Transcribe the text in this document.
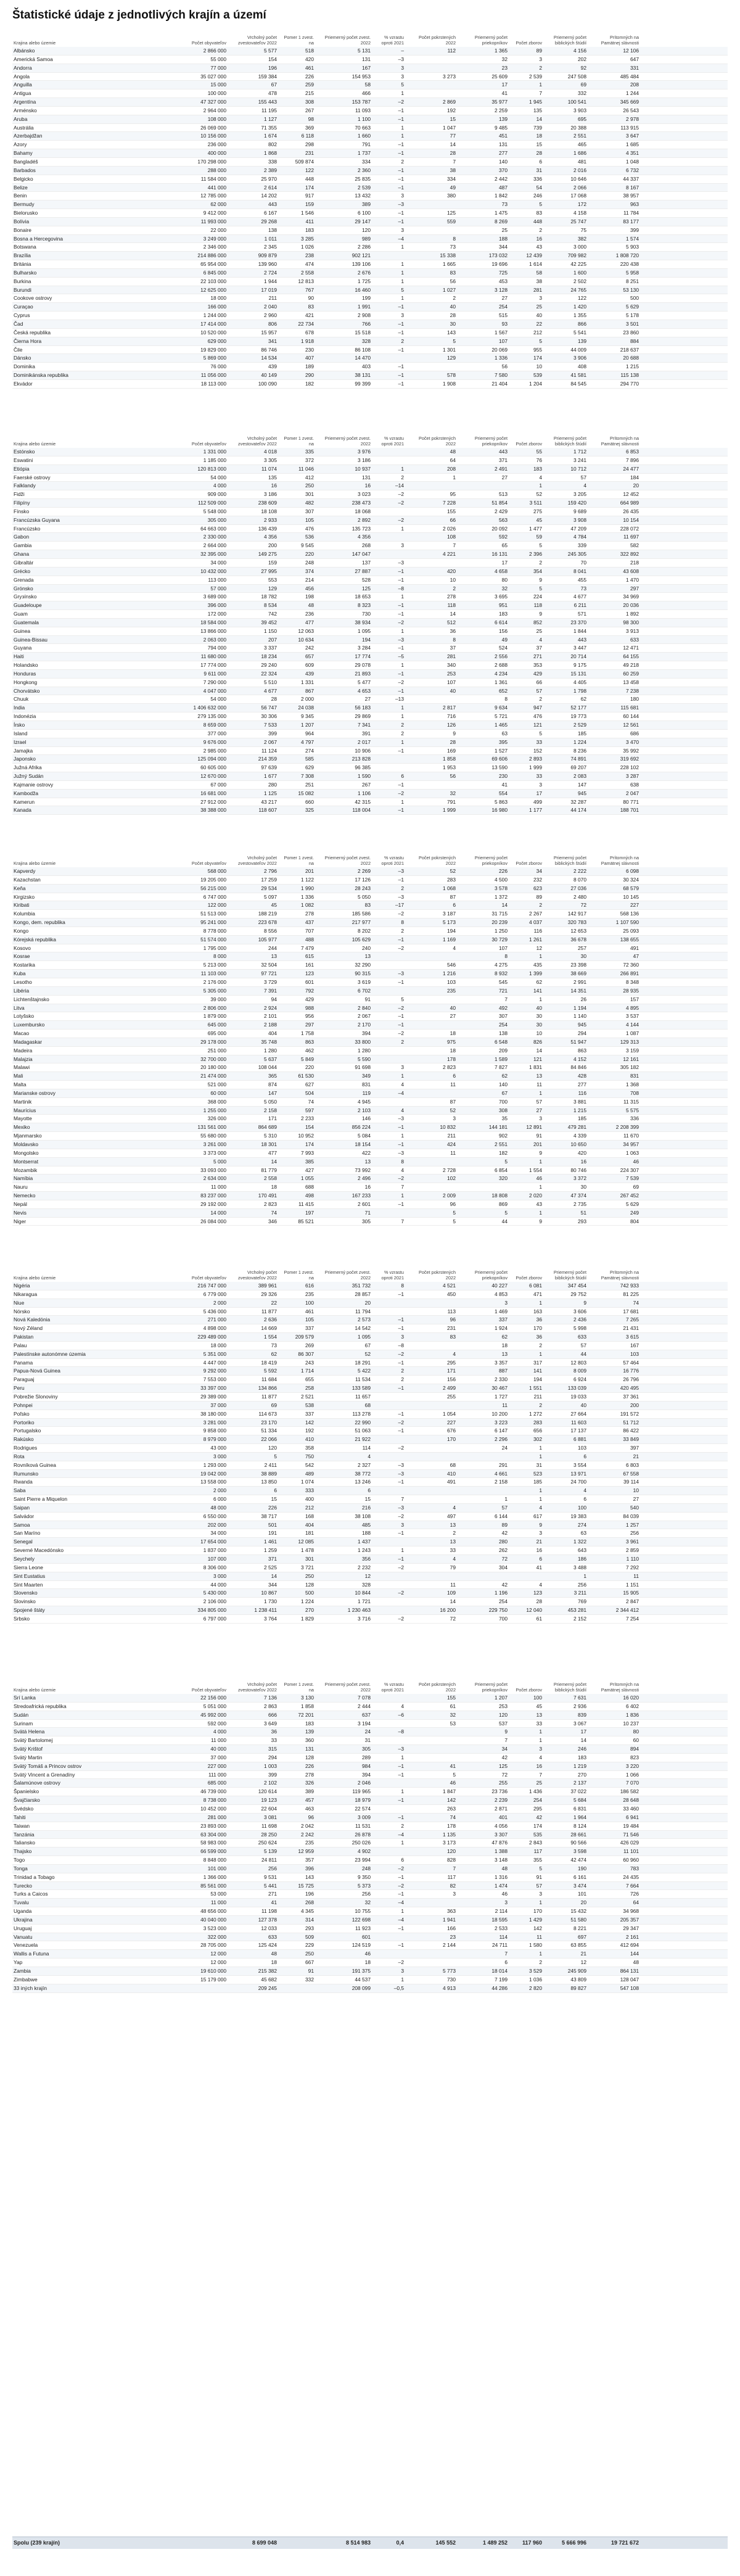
Štatistické údaje z jednotlivých krajín a území
Krajina alebo územie	Počet obyvateľov	Vrcholný počet zvestovateľov 2022	Pomer 1 zvest. na	Priemerný počet zvest. 2022	% vzrastu oproti 2021	Počet pokrstených 2022	Priemerný počet priekopníkov	Počet zborov	Priemerný počet biblických štúdií	Prítomných na Pamätnej slávnosti	
Albánsko	2 866 000	5 577	518	5 131	–	112	1 365	89	4 156	12 106	
Americká Samoa	55 000	154	420	131	–3		32	3	202	647	
Andorra	77 000	196	461	167	3		23	2	92	331	
Angola	35 027 000	159 384	226	154 953	3	3 273	25 609	2 539	247 508	485 484	
Anguilla	15 000	67	259	58	5		17	1	69	208	
Antigua	100 000	478	215	466	1		41	7	332	1 244	
Argentína	47 327 000	155 443	308	153 787	–2	2 869	35 977	1 945	100 541	345 669	
Arménsko	2 964 000	11 195	267	11 093	–1	192	2 259	135	3 903	26 543	
Aruba	108 000	1 127	98	1 100	–1	15	139	14	695	2 978	
Austrália	26 069 000	71 355	369	70 663	1	1 047	9 485	739	20 388	113 915	
Azerbajdžan	10 156 000	1 674	6 118	1 660	1	77	451	18	2 551	3 647	
Azory	236 000	802	298	791	–1	14	131	15	465	1 685	
Bahamy	400 000	1 868	231	1 737	–1	28	277	28	1 686	4 351	
Bangladéš	170 298 000	338	509 874	334	2	7	140	6	481	1 048	
Barbados	288 000	2 389	122	2 360	–1	38	370	31	2 016	6 732	
Belgicko	11 584 000	25 970	448	25 835	–1	334	2 442	336	10 646	44 337	
Belize	441 000	2 614	174	2 539	–1	49	487	54	2 066	8 167	
Benin	12 785 000	14 202	917	13 432	3	380	1 842	246	17 068	38 957	
Bermudy	62 000	443	159	389	–3		73	5	172	963	
Bielorusko	9 412 000	6 167	1 546	6 100	–1	125	1 475	83	4 158	11 784	
Bolívia	11 993 000	29 268	411	29 147	–1	559	8 269	448	25 747	83 177	
Bonaire	22 000	138	183	120	3		25	2	75	399	
Bosna a Hercegovina	3 249 000	1 011	3 285	989	–4	8	188	16	382	1 574	
Botswana	2 346 000	2 345	1 026	2 286	1	73	344	43	3 000	5 903	
Brazília	214 886 000	909 879	238	902 121		15 338	173 032	12 439	709 982	1 808 720	
Británia	65 954 000	139 960	474	139 106	1	1 665	19 696	1 614	42 225	220 438	
Bulharsko	6 845 000	2 724	2 558	2 676	1	83	725	58	1 600	5 958	
Burkina	22 103 000	1 944	12 813	1 725	1	56	453	38	2 502	8 251	
Burundi	12 625 000	17 019	767	16 460	5	1 027	3 128	281	24 765	53 130	
Cookove ostrovy	18 000	211	90	199	1	2	27	3	122	500	
Curaçao	166 000	2 040	83	1 991	–1	40	254	25	1 420	5 629	
Cyprus	1 244 000	2 960	421	2 908	3	28	515	40	1 355	5 178	
Čad	17 414 000	806	22 734	766	–1	30	93	22	866	3 501	
Česká republika	10 520 000	15 957	678	15 518	–1	143	1 567	212	5 541	23 860	
Čierna Hora	629 000	341	1 918	328	2	5	107	5	139	884	
Čile	19 829 000	86 746	230	86 108	–1	1 301	20 069	955	44 009	218 637	
Dánsko	5 869 000	14 534	407	14 470		129	1 336	174	3 906	20 688	
Dominika	76 000	439	189	403	–1		56	10	408	1 215	
Dominikánska republika	11 056 000	40 149	290	38 131	–1	578	7 580	539	41 581	115 138	
Ekvádor	18 113 000	100 090	182	99 399	–1	1 908	21 404	1 204	84 545	294 770	
Krajina alebo územie	Počet obyvateľov	Vrcholný počet zvestovateľov 2022	Pomer 1 zvest. na	Priemerný počet zvest. 2022	% vzrastu oproti 2021	Počet pokrstených 2022	Priemerný počet priekopníkov	Počet zborov	Priemerný počet biblických štúdií	Prítomných na Pamätnej slávnosti	
Estónsko	1 331 000	4 018	335	3 976		48	443	55	1 712	6 853	
Eswatini	1 185 000	3 305	372	3 186		64	371	76	3 241	7 896	
Etiópia	120 813 000	11 074	11 046	10 937	1	208	2 491	183	10 712	24 477	
Faerské ostrovy	54 000	135	412	131	2	1	27	4	57	184	
Falklandy	4 000	16	250	16	–14			1	4	20	
Fidži	909 000	3 186	301	3 023	–2	95	513	52	3 205	12 452	
Filipíny	112 509 000	238 609	482	238 473	–2	7 228	51 854	3 511	159 420	664 989	
Fínsko	5 548 000	18 108	307	18 068		155	2 429	275	9 689	26 435	
Francúzska Guyana	305 000	2 933	105	2 892	–2	66	563	45	3 908	10 154	
Francúzsko	64 663 000	136 439	476	135 723	1	2 026	20 092	1 477	47 209	228 072	
Gabon	2 330 000	4 356	536	4 356		108	592	59	4 784	11 697	
Gambia	2 664 000	200	9 545	268	3	7	65	5	339	582	
Ghana	32 395 000	149 275	220	147 047		4 221	16 131	2 396	245 305	322 892	
Gibraltár	34 000	159	248	137	–3		17	2	70	218	
Grécko	10 432 000	27 995	374	27 887	–1	420	4 658	354	8 041	43 608	
Grenada	113 000	553	214	528	–1	10	80	9	455	1 470	
Grónsko	57 000	129	456	125	–8	2	32	5	73	297	
Grузínsko	3 689 000	18 782	198	18 653	1	278	3 695	224	4 677	34 969	
Guadeloupe	396 000	8 534	48	8 323	–1	118	951	118	6 211	20 036	
Guam	172 000	742	236	730	–1	14	183	9	571	1 892	
Guatemala	18 584 000	39 452	477	38 934	–2	512	6 614	852	23 370	98 300	
Guinea	13 866 000	1 150	12 063	1 095	1	36	156	25	1 844	3 913	
Guinea-Bissau	2 063 000	207	10 634	194	–3	8	49	4	443	633	
Guyana	794 000	3 337	242	3 284	–1	37	524	37	3 447	12 471	
Haiti	11 680 000	18 234	657	17 774	–5	281	2 556	271	20 714	64 155	
Holandsko	17 774 000	29 240	609	29 078	1	340	2 688	353	9 175	49 218	
Honduras	9 611 000	22 324	439	21 893	–1	253	4 234	429	15 131	60 259	
Hongkong	7 290 000	5 510	1 331	5 477	–2	107	1 361	66	4 405	13 458	
Chorvátsko	4 047 000	4 677	867	4 653	–1	40	652	57	1 798	7 238	
Chuuk	54 000	28	2 000	27	–13		8	2	62	180	
India	1 406 632 000	56 747	24 038	56 183	1	2 817	9 634	947	52 177	115 681	
Indonézia	279 135 000	30 306	9 345	29 869	1	716	5 721	476	19 773	60 144	
Írsko	8 659 000	7 533	1 207	7 341	2	126	1 465	121	2 529	12 561	
Island	377 000	399	964	391	2	9	63	5	185	686	
Izrael	9 676 000	2 067	4 797	2 017	1	28	395	33	1 224	3 470	
Jamajka	2 985 000	11 124	274	10 906	–1	169	1 527	152	8 236	35 992	
Japonsko	125 094 000	214 359	585	213 828		1 858	69 606	2 893	74 891	319 692	
Južná Afrika	60 605 000	97 639	629	96 385		1 953	13 590	1 999	69 207	228 102	
Južný Sudán	12 670 000	1 677	7 308	1 590	6	56	230	33	2 083	3 287	
Kajmanie ostrovy	67 000	280	251	267	–1		41	3	147	638	
Kambodža	16 681 000	1 125	15 082	1 106	–2	32	554	17	945	2 047	
Kamerun	27 912 000	43 217	660	42 315	1	791	5 863	499	32 287	80 771	
Kanada	38 388 000	118 607	325	118 004	–1	1 999	16 980	1 177	44 174	188 701	
Krajina alebo územie	Počet obyvateľov	Vrcholný počet zvestovateľov 2022	Pomer 1 zvest. na	Priemerný počet zvest. 2022	% vzrastu oproti 2021	Počet pokrstených 2022	Priemerný počet priekopníkov	Počet zborov	Priemerný počet biblických štúdií	Prítomných na Pamätnej slávnosti	
Kapverdy	568 000	2 796	201	2 269	–3	52	226	34	2 222	6 098	
Kazachstan	19 205 000	17 259	1 122	17 126	–1	283	4 500	232	8 070	30 324	
Keňa	56 215 000	29 534	1 990	28 243	2	1 068	3 578	623	27 036	68 579	
Kirgizsko	6 747 000	5 097	1 336	5 050	–3	87	1 372	89	2 480	10 145	
Kiribati	122 000	45	1 082	83	–17	6	14	2	72	227	
Kolumbia	51 513 000	188 219	278	185 586	–2	3 187	31 715	2 267	142 917	568 136	
Kongo, dem. republika	95 241 000	223 678	437	217 977	8	5 173	20 239	4 037	320 783	1 107 590	
Kongo	8 778 000	8 556	707	8 202	2	194	1 250	116	12 653	25 093	
Kórejská republika	51 574 000	105 977	488	105 629	–1	1 169	30 729	1 261	36 678	138 655	
Kosovo	1 795 000	244	7 479	240	–2	4	107	12	257	491	
Kosrae	8 000	13	615	13			8	1	30	47	
Kostarika	5 213 000	32 504	161	32 290		546	4 275	435	23 398	72 360	
Kuba	11 103 000	97 721	123	90 315	–3	1 216	8 932	1 399	38 669	266 891	
Lesotho	2 176 000	3 729	601	3 619	–1	103	545	62	2 991	8 348	
Libéria	5 305 000	7 391	792	6 702		235	721	141	14 351	28 935	
Lichtenštajnsko	39 000	94	429	91	5		7	1	26	157	
Litva	2 806 000	2 924	988	2 840	–2	40	492	40	1 194	4 895	
Lotyšsko	1 879 000	2 101	956	2 067	–1	27	307	30	1 140	3 537	
Luxembursko	645 000	2 188	297	2 170	–1		254	30	945	4 144	
Macao	695 000	404	1 758	394	–2	18	138	10	294	1 087	
Madagaskar	29 178 000	35 748	863	33 800	2	975	6 548	826	51 947	129 313	
Madeira	251 000	1 280	462	1 280		18	209	14	863	3 159	
Malajzia	32 700 000	5 637	5 849	5 590		178	1 589	121	4 152	12 161	
Malawi	20 180 000	108 044	220	91 698	3	2 823	7 827	1 831	84 846	305 182	
Mali	21 474 000	365	61 530	349	1	6	62	13	428	831	
Malta	521 000	874	627	831	4	11	140	11	277	1 368	
Marianske ostrovy	60 000	147	504	119	–4		67	1	116	708	
Martinik	368 000	5 050	74	4 945		87	700	57	3 881	11 315	
Maurícius	1 255 000	2 158	597	2 103	4	52	308	27	1 215	5 575	
Mayotte	326 000	171	2 233	146	–3	3	35	3	185	336	
Mexiko	131 561 000	864 689	154	856 224	–1	10 832	144 181	12 891	479 281	2 208 399	
Mjanmarsko	55 680 000	5 310	10 952	5 084	1	211	902	91	4 339	11 670	
Moldavsko	3 261 000	18 301	174	18 154	–1	424	2 551	201	10 650	34 957	
Mongolsko	3 373 000	477	7 993	422	–3	11	182	9	420	1 063	
Montserrat	5 000	14	385	13	8		5	1	16	46	
Mozambik	33 093 000	81 779	427	73 992	4	2 728	6 854	1 554	80 746	224 307	
Namíbia	2 634 000	2 558	1 055	2 496	–2	102	320	46	3 372	7 539	
Nauru	11 000	18	688	16	7			1	30	69	
Nemecko	83 237 000	170 491	498	167 233	1	2 009	18 808	2 020	47 374	267 452	
Nepál	29 192 000	2 823	11 415	2 601	–1	96	869	43	2 735	5 629	
Nevis	14 000	74	197	71		5	5	1	51	249	
Niger	26 084 000	346	85 521	305	7	5	44	9	293	804	
Krajina alebo územie	Počet obyvateľov	Vrcholný počet zvestovateľov 2022	Pomer 1 zvest. na	Priemerný počet zvest. 2022	% vzrastu oproti 2021	Počet pokrstených 2022	Priemerný počet priekopníkov	Počet zborov	Priemerný počet biblických štúdií	Prítomných na Pamätnej slávnosti	
Nigéria	216 747 000	389 961	616	351 732	8	4 521	40 227	6 081	347 454	742 933	
Nikaragua	6 779 000	29 326	235	28 857	–1	450	4 853	471	29 752	81 225	
Niue	2 000	22	100	20			3	1	9	74	
Nórsko	5 436 000	11 877	461	11 794		113	1 469	163	3 606	17 681	
Nová Kaledónia	271 000	2 636	105	2 573	–1	96	337	36	2 436	7 265	
Nový Zéland	4 898 000	14 669	337	14 542	–1	231	1 924	170	5 998	21 431	
Pakistan	229 489 000	1 554	209 579	1 095	3	83	62	36	633	3 615	
Palau	18 000	73	269	67	–8		18	2	57	167	
Palestínske autonómne územia	5 351 000	62	86 307	52	–2	4	13	1	44	103	
Panama	4 447 000	18 419	243	18 291	–1	295	3 357	317	12 803	57 464	
Papua-Nová Guinea	9 292 000	5 592	1 714	5 422	2	171	887	141	8 009	16 776	
Paraguaj	7 553 000	11 684	655	11 534	2	156	2 330	194	6 924	26 796	
Peru	33 397 000	134 866	258	133 589	–1	2 499	30 467	1 551	133 039	420 495	
Pobrežie Slonoviny	29 389 000	11 877	2 521	11 657		255	1 727	211	19 033	37 361	
Pohnpei	37 000	69	538	68			11	2	40	200	
Poľsko	38 180 000	114 673	337	113 278	–1	1 054	10 200	1 272	27 664	191 572	
Portoriko	3 281 000	23 170	142	22 990	–2	227	3 223	283	11 603	51 712	
Portugalsko	9 858 000	51 334	192	51 063	–1	676	6 147	656	17 137	86 422	
Rakúsko	8 979 000	22 066	410	21 922		170	2 296	302	6 881	33 849	
Rodrigues	43 000	120	358	114	–2		24	1	103	397	
Rota	3 000	5	750	4				1	6	21	
Rovníková Guinea	1 293 000	2 411	542	2 327	–3	68	291	31	3 554	6 803	
Rumunsko	19 042 000	38 889	489	38 772	–3	410	4 661	523	13 971	67 558	
Rwanda	13 558 000	13 850	1 074	13 246	–1	491	2 158	185	24 700	39 114	
Saba	2 000	6	333	6				1	4	10	
Saint Pierre a Miquelon	6 000	15	400	15	7		1	1	6	27	
Saipan	48 000	226	212	216	–3	4	57	4	100	540	
Salvádor	6 550 000	38 717	168	38 108	–2	497	6 144	617	19 383	84 039	
Samoa	202 000	501	404	485	3	13	89	9	274	1 257	
San Maríno	34 000	191	181	188	–1	2	42	3	63	256	
Senegal	17 654 000	1 461	12 085	1 437		13	280	21	1 322	3 961	
Severné Macedónsko	1 837 000	1 259	1 478	1 243	1	33	262	16	643	2 859	
Seychely	107 000	371	301	356	–1	4	72	6	186	1 110	
Sierra Leone	8 306 000	2 525	3 721	2 232	–2	79	304	41	3 488	7 292	
Sint Eustatius	3 000	14	250	12					1	11	
Sint Maarten	44 000	344	128	328		11	42	4	256	1 151	
Slovensko	5 430 000	10 867	500	10 844	–2	109	1 196	123	3 211	15 905	
Slovinsko	2 106 000	1 730	1 224	1 721		14	254	28	769	2 847	
Spojené štáty	334 805 000	1 238 411	270	1 230 463		16 200	229 750	12 040	453 281	2 344 412	
Srbsko	6 797 000	3 764	1 829	3 716	–2	72	700	61	2 152	7 254	
Krajina alebo územie	Počet obyvateľov	Vrcholný počet zvestovateľov 2022	Pomer 1 zvest. na	Priemerný počet zvest. 2022	% vzrastu oproti 2021	Počet pokrstených 2022	Priemerný počet priekopníkov	Počet zborov	Priemerný počet biblických štúdií	Prítomných na Pamätnej slávnosti	
Srí Lanka	22 156 000	7 136	3 130	7 078		155	1 207	100	7 631	16 020	
Stredoafrická republika	5 051 000	2 863	1 858	2 444	4	61	253	45	2 936	6 402	
Sudán	45 992 000	666	72 201	637	–6	32	120	13	839	1 836	
Surinam	592 000	3 649	183	3 194		53	537	33	3 067	10 237	
Svätá Helena	4 000	36	139	24	–8		9	1	17	80	
Svätý Bartolomej	11 000	33	360	31			7	1	14	60	
Svätý Krištof	40 000	315	131	305	–3		34	3	246	894	
Svätý Martin	37 000	294	128	289	1		42	4	183	823	
Svätý Tomáš a Princov ostrov	227 000	1 003	226	984	–1	41	125	16	1 219	3 220	
Svätý Vincent a Grenadíny	111 000	399	278	394	–1	5	72	7	270	1 066	
Šalamúnove ostrovy	685 000	2 102	326	2 046		46	255	25	2 137	7 070	
Španielsko	46 739 000	120 614	389	119 965	1	1 847	23 736	1 436	37 022	186 582	
Švajčiarsko	8 738 000	19 123	457	18 979	–1	142	2 239	254	5 684	28 648	
Švédsko	10 452 000	22 604	463	22 574		263	2 871	295	6 831	33 460	
Tahiti	281 000	3 081	96	3 009	–1	74	401	42	1 964	6 941	
Taiwan	23 893 000	11 698	2 042	11 531	2	178	4 056	174	8 124	19 484	
Tanzánia	63 304 000	28 250	2 242	26 878	–4	1 135	3 307	535	28 661	71 546	
Taliansko	58 983 000	250 624	235	250 026	1	3 173	47 876	2 843	90 566	426 029	
Thajsko	66 599 000	5 139	12 959	4 902		120	1 388	117	3 598	11 101	
Togo	8 848 000	24 811	357	23 994	6	828	3 148	355	42 474	60 960	
Tonga	101 000	256	396	248	–2	7	48	5	190	783	
Trinidad a Tobago	1 366 000	9 531	143	9 350	–1	117	1 316	91	6 161	24 435	
Turecko	85 561 000	5 441	15 725	5 373	–2	82	1 474	57	3 474	7 664	
Turks a Caicos	53 000	271	196	256	–1	3	46	3	101	726	
Tuvalu	11 000	41	268	32	–4		3	1	20	64	
Uganda	48 656 000	11 198	4 345	10 755	1	363	2 114	170	15 432	34 968	
Ukrajina	40 040 000	127 378	314	122 698	–4	1 941	18 595	1 429	51 580	205 357	
Uruguaj	3 523 000	12 033	293	11 923	–1	166	2 533	142	8 221	29 347	
Vanuatu	322 000	633	509	601		23	114	11	697	2 161	
Venezuela	28 705 000	125 424	229	124 519	–1	2 144	24 711	1 580	63 855	412 694	
Wallis a Futuna	12 000	48	250	46			7	1	21	144	
Yap	12 000	18	667	18	–2		6	2	12	48	
Zambia	19 610 000	215 382	91	191 375	3	5 773	18 014	3 529	245 909	864 131	
Zimbabwe	15 179 000	45 682	332	44 537	1	730	7 199	1 036	43 809	128 047	
33 iných krajín		209 245		208 099	–0,5	4 913	44 286	2 820	89 827	547 108	
Spolu (239 krajín)		8 699 048		8 514 983	0,4	145 552	1 489 252	117 960	5 666 996	19 721 672	
